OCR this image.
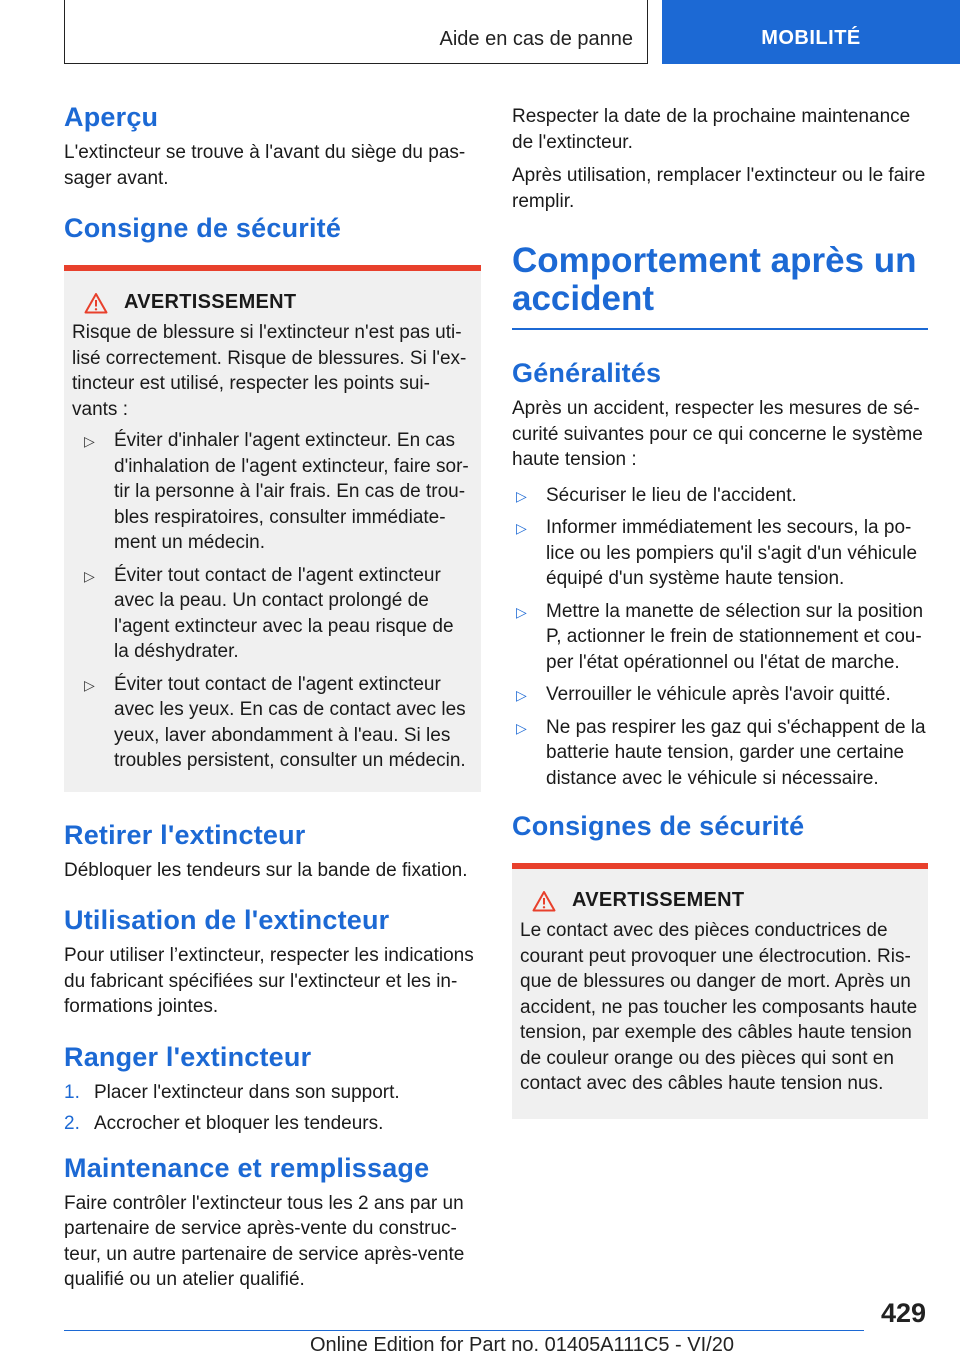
Aide en cas de panne	MOBILITÉ
Aperçu

L'extincteur se trouve à l'avant du siège du pas-sager avant.

Consigne de sécurité
AVERTISSEMENT

Risque de blessure si l'extincteur n'est pas uti-lisé correctement. Risque de blessures. Si l'ex-tincteur est utilisé, respecter les points sui-vants :

▷ Éviter d'inhaler l'agent extincteur. En cas d'inhalation de l'agent extincteur, faire sor-tir la personne à l'air frais. En cas de trou-bles respiratoires, consulter immédiate-ment un médecin.
▷ Éviter tout contact de l'agent extincteur avec la peau. Un contact prolongé de l'agent extincteur avec la peau risque de la déshydrater.
▷ Éviter tout contact de l'agent extincteur avec les yeux. En cas de contact avec les yeux, laver abondamment à l'eau. Si les troubles persistent, consulter un médecin.
Retirer l'extincteur

Débloquer les tendeurs sur la bande de fixation.

Utilisation de l'extincteur

Pour utiliser l’extincteur, respecter les indications du fabricant spécifiées sur l'extincteur et les in-formations jointes.

Ranger l'extincteur
1. Placer l'extincteur dans son support.
2. Accrocher et bloquer les tendeurs.
Maintenance et remplissage

Faire contrôler l'extincteur tous les 2 ans par un partenaire de service après-vente du construc-teur, un autre partenaire de service après-vente qualifié ou un atelier qualifié.

Respecter la date de la prochaine maintenance de l'extincteur.

Après utilisation, remplacer l'extincteur ou le faire remplir.

Comportement après un accident
Généralités

Après un accident, respecter les mesures de sé-curité suivantes pour ce qui concerne le système haute tension :

▷ Sécuriser le lieu de l'accident.
▷ Informer immédiatement les secours, la po-lice ou les pompiers qu'il s'agit d'un véhicule équipé d'un système haute tension.
▷ Mettre la manette de sélection sur la position P, actionner le frein de stationnement et cou-per l'état opérationnel ou l'état de marche.
▷ Verrouiller le véhicule après l'avoir quitté.
▷ Ne pas respirer les gaz qui s'échappent de la batterie haute tension, garder une certaine distance avec le véhicule si nécessaire.
Consignes de sécurité
AVERTISSEMENT

Le contact avec des pièces conductrices de courant peut provoquer une électrocution. Ris-que de blessures ou danger de mort. Après un accident, ne pas toucher les composants haute tension, par exemple des câbles haute tension de couleur orange ou des pièces qui sont en contact avec des câbles haute tension nus.

429
Online Edition for Part no. 01405A111C5 - VI/20
